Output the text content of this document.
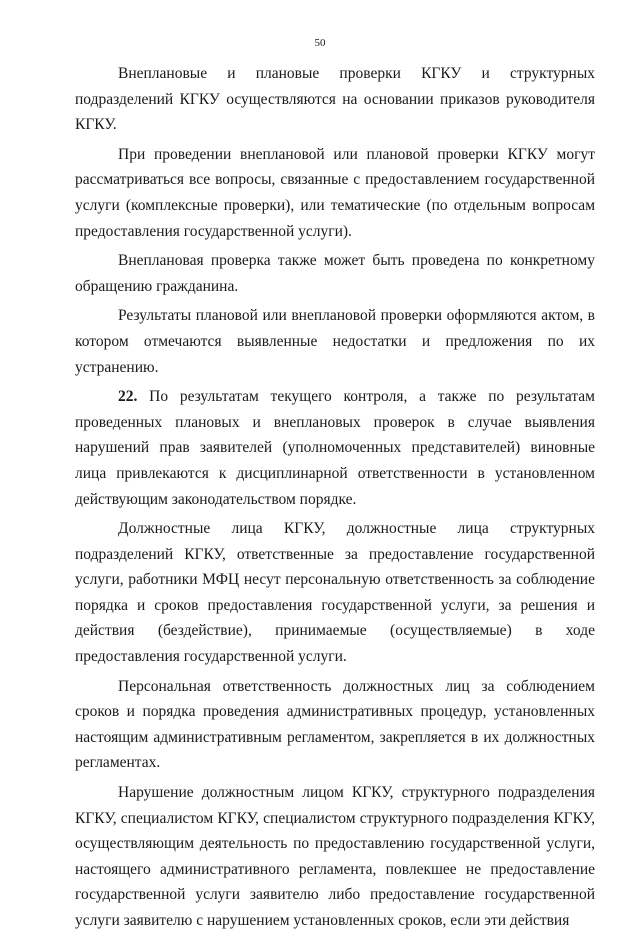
50

Внеплановые и плановые проверки КГКУ и структурных подразделений КГКУ осуществляются на основании приказов руководителя КГКУ.

При проведении внеплановой или плановой проверки КГКУ могут рассматриваться все вопросы, связанные с предоставлением государственной услуги (комплексные проверки), или тематические (по отдельным вопросам предоставления государственной услуги).

Внеплановая проверка также может быть проведена по конкретному обращению гражданина.

Результаты плановой или внеплановой проверки оформляются актом, в котором отмечаются выявленные недостатки и предложения по их устранению.

22. По результатам текущего контроля, а также по результатам проведенных плановых и внеплановых проверок в случае выявления нарушений прав заявителей (уполномоченных представителей) виновные лица привлекаются к дисциплинарной ответственности в установленном действующим законодательством порядке.

Должностные лица КГКУ, должностные лица структурных подразделений КГКУ, ответственные за предоставление государственной услуги, работники МФЦ несут персональную ответственность за соблюдение порядка и сроков предоставления государственной услуги, за решения и действия (бездействие), принимаемые (осуществляемые) в ходе предоставления государственной услуги.

Персональная ответственность должностных лиц за соблюдением сроков и порядка проведения административных процедур, установленных настоящим административным регламентом, закрепляется в их должностных регламентах.

Нарушение должностным лицом КГКУ, структурного подразделения КГКУ, специалистом КГКУ, специалистом структурного подразделения КГКУ, осуществляющим деятельность по предоставлению государственной услуги, настоящего административного регламента, повлекшее не предоставление государственной услуги заявителю либо предоставление государственной услуги заявителю с нарушением установленных сроков, если эти действия
